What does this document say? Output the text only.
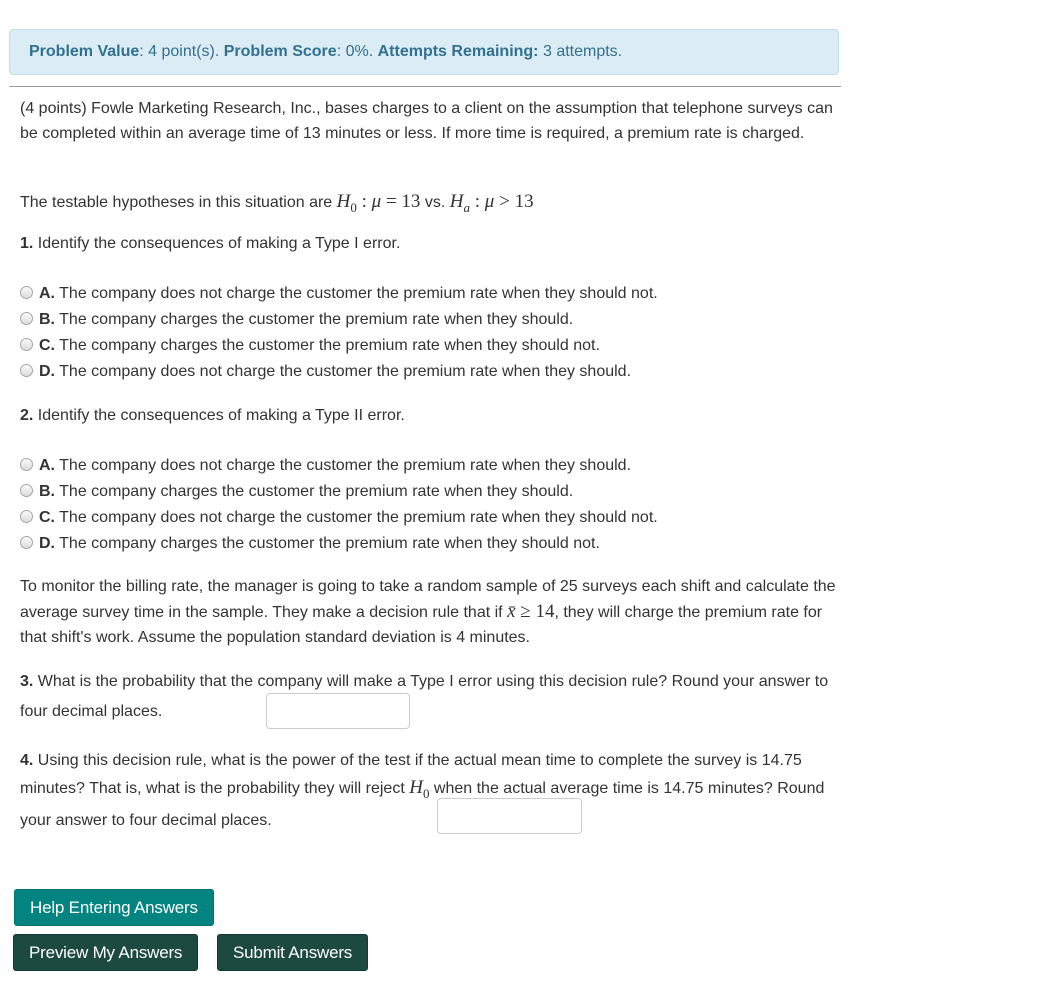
Problem Value: 4 point(s). Problem Score: 0%. Attempts Remaining: 3 attempts.

(4 points) Fowle Marketing Research, Inc., bases charges to a client on the assumption that telephone surveys can be completed within an average time of 13 minutes or less. If more time is required, a premium rate is charged.

The testable hypotheses in this situation are $H_0$ : μ = 13 vs. $H_a$ : μ > 13

1. Identify the consequences of making a Type I error.

A. The company does not charge the customer the premium rate when they should not.
B. The company charges the customer the premium rate when they should.
C. The company charges the customer the premium rate when they should not.
D. The company does not charge the customer the premium rate when they should.

2. Identify the consequences of making a Type II error.

A. The company does not charge the customer the premium rate when they should.
B. The company charges the customer the premium rate when they should.
C. The company does not charge the customer the premium rate when they should not.
D. The company charges the customer the premium rate when they should not.

To monitor the billing rate, the manager is going to take a random sample of 25 surveys each shift and calculate the average survey time in the sample. They make a decision rule that if x̄ ≥ 14, they will charge the premium rate for that shift's work. Assume the population standard deviation is 4 minutes.

3. What is the probability that the company will make a Type I error using this decision rule? Round your answer to four decimal places.

4. Using this decision rule, what is the power of the test if the actual mean time to complete the survey is 14.75 minutes? That is, what is the probability they will reject $H_0$ when the actual average time is 14.75 minutes? Round your answer to four decimal places.

Help Entering Answers
Preview My Answers	Submit Answers
